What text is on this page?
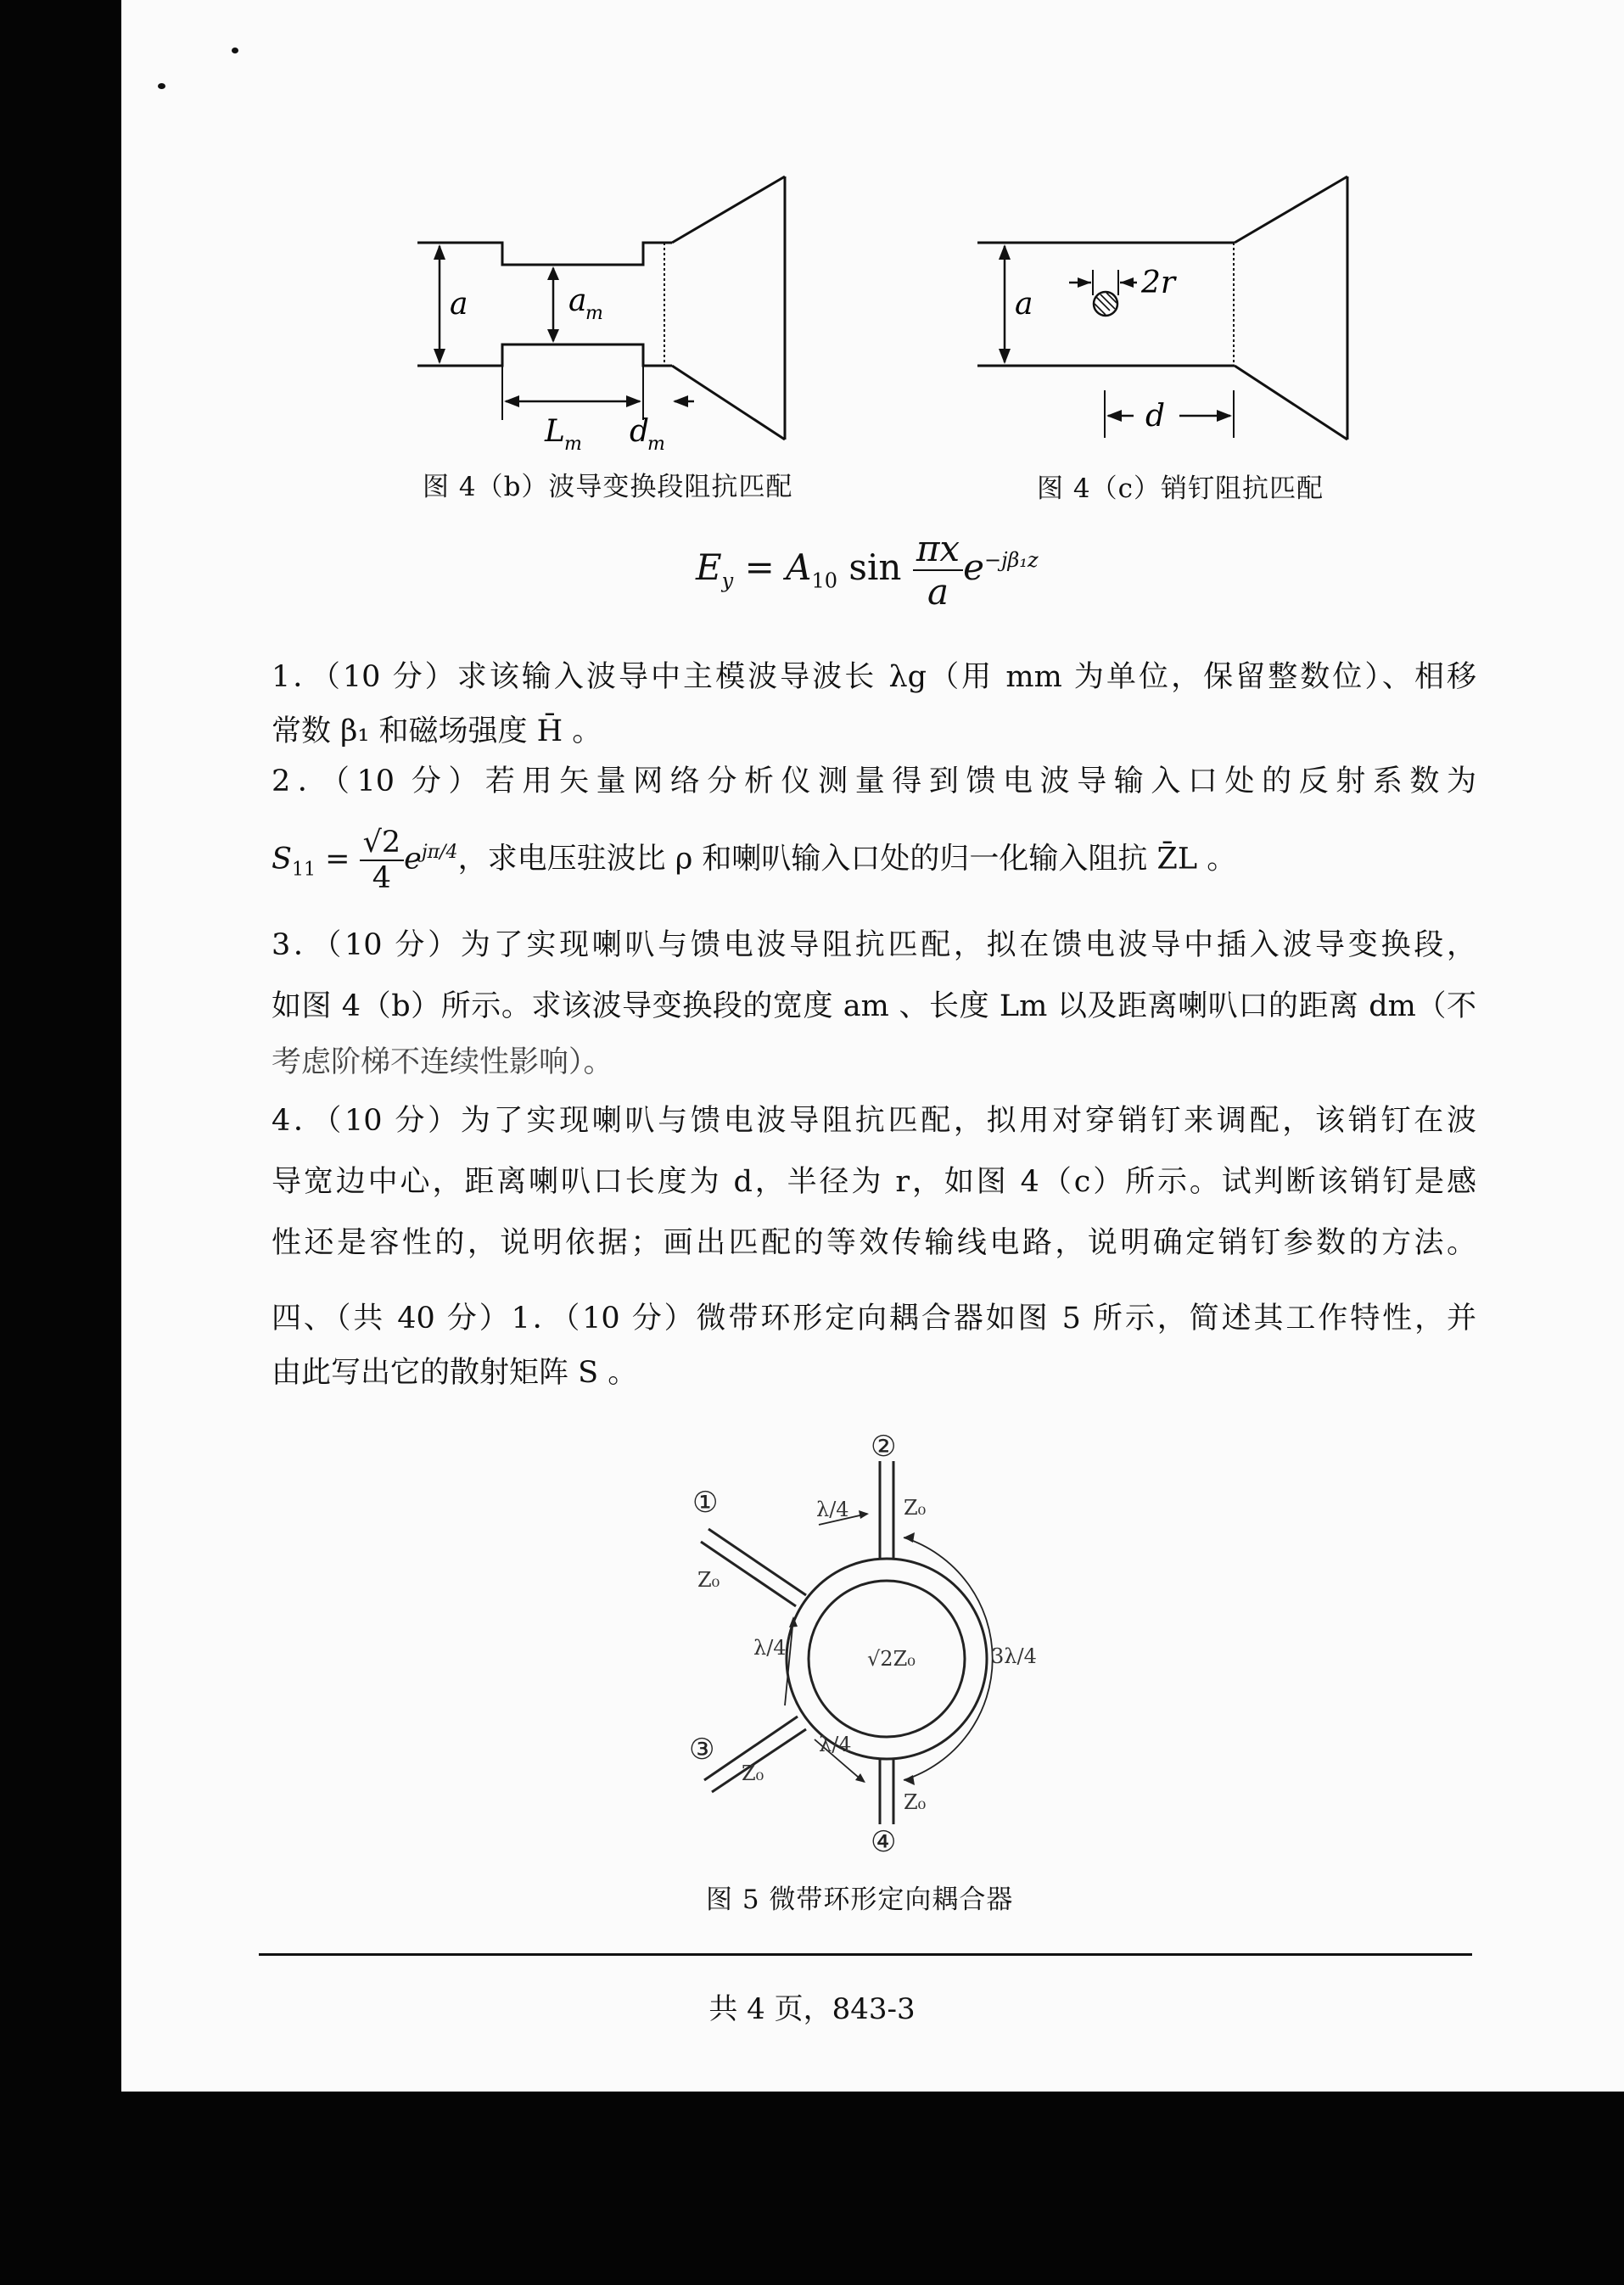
a	a
m
L m d
m
图 4（b）波导变换段阻抗匹配
a
2r
d
图 4（c）销钉阻抗匹配
$E_y = A_{10}$ $\sin \frac{\pi x}{a} e^{-j\beta_1z}$
1．（10 分）求该输入波导中主模波导波长 λg（用 mm 为单位，保留整数位）、相移
常数 β₁ 和磁场强度 H̄ 。
2．（10 分）若用矢量网络分析仪测量得到馈电波导输入口处的反射系数为
$S_{11} = \frac{√2}{4} e^{j\pi/4}$，求电压驻波比 ρ 和喇叭输入口处的归一化输入阻抗 Z̄L 。
3．（10 分）为了实现喇叭与馈电波导阻抗匹配，拟在馈电波导中插入波导变换段，
如图 4（b）所示。求该波导变换段的宽度 am 、长度 Lm 以及距离喇叭口的距离 dm（不
考虑阶梯不连续性影响）。
4．（10 分）为了实现喇叭与馈电波导阻抗匹配，拟用对穿销钉来调配，该销钉在波
导宽边中心，距离喇叭口长度为 d，半径为 r，如图 4（c）所示。试判断该销钉是感
性还是容性的，说明依据；画出匹配的等效传输线电路，说明确定销钉参数的方法。
四、（共 40 分）1．（10 分）微带环形定向耦合器如图 5 所示，简述其工作特性，并
由此写出它的散射矩阵 S 。
②
①
③
④
Z₀
Z₀
Z₀
Z₀
λ/4
λ/4
λ/4
3λ/4
√2Z₀
图 5 微带环形定向耦合器
共 4 页，843-3
